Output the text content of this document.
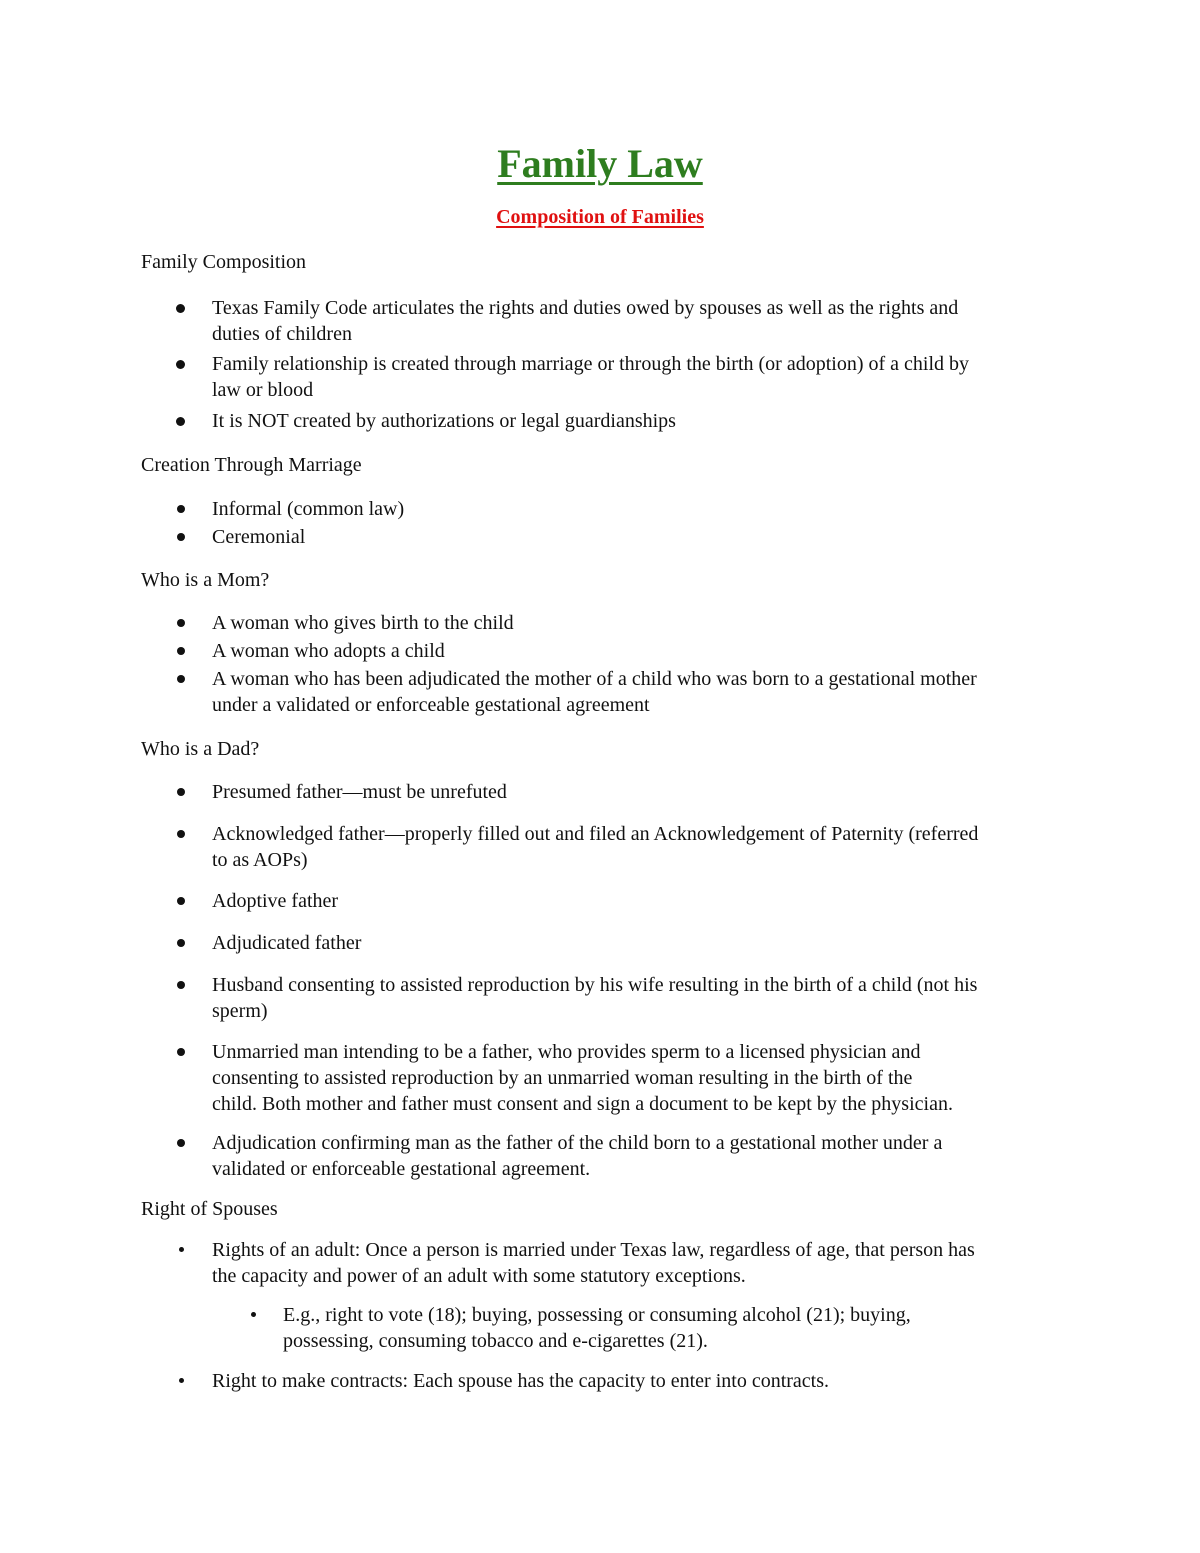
Family Law
Composition of Families
Family Composition
Texas Family Code articulates the rights and duties owed by spouses as well as the rights and
duties of children
Family relationship is created through marriage or through the birth (or adoption) of a child by
law or blood
It is NOT created by authorizations or legal guardianships
Creation Through Marriage
Informal (common law)
Ceremonial
Who is a Mom?
A woman who gives birth to the child
A woman who adopts a child
A woman who has been adjudicated the mother of a child who was born to a gestational mother
under a validated or enforceable gestational agreement
Who is a Dad?
Presumed father—must be unrefuted
Acknowledged father—properly filled out and filed an Acknowledgement of Paternity (referred
to as AOPs)
Adoptive father
Adjudicated father
Husband consenting to assisted reproduction by his wife resulting in the birth of a child (not his
sperm)
Unmarried man intending to be a father, who provides sperm to a licensed physician and
consenting to assisted reproduction by an unmarried woman resulting in the birth of the
child. Both mother and father must consent and sign a document to be kept by the physician.
Adjudication confirming man as the father of the child born to a gestational mother under a
validated or enforceable gestational agreement.
Right of Spouses
Rights of an adult: Once a person is married under Texas law, regardless of age, that person has
the capacity and power of an adult with some statutory exceptions.
E.g., right to vote (18); buying, possessing or consuming alcohol (21); buying,
possessing, consuming tobacco and e-cigarettes (21).
Right to make contracts: Each spouse has the capacity to enter into contracts.
